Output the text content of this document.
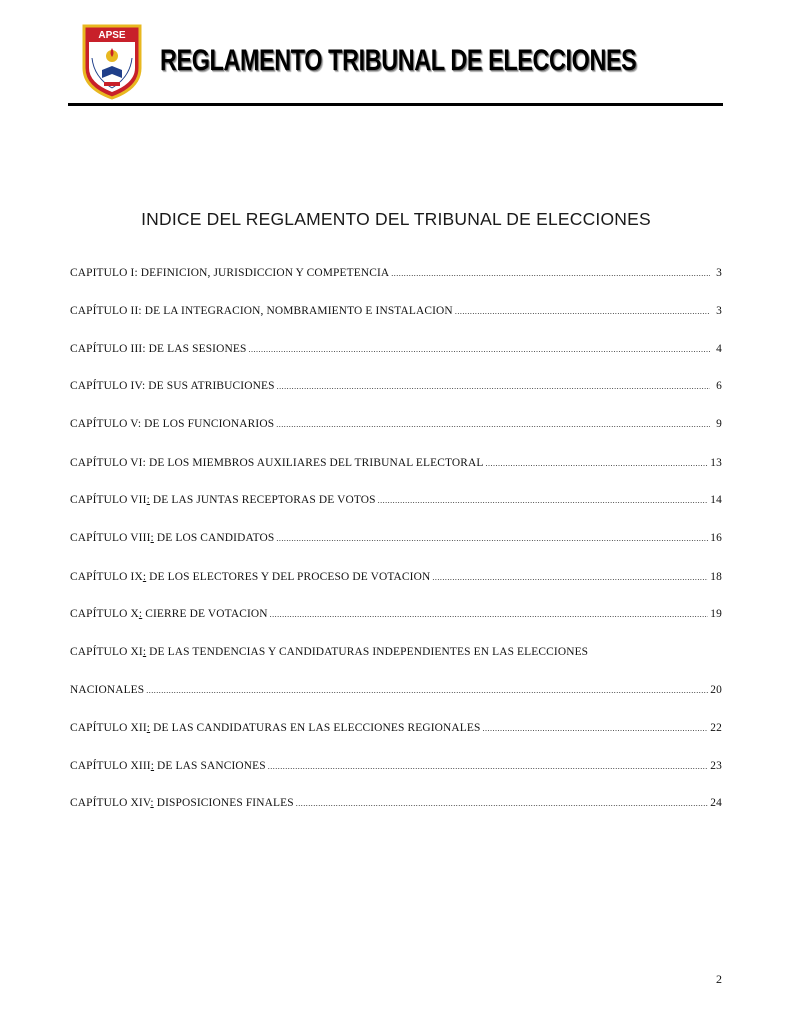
APSE
REGLAMENTO TRIBUNAL DE ELECCIONES
INDICE DEL REGLAMENTO DEL TRIBUNAL DE ELECCIONES
CAPITULO I: DEFINICION, JURISDICCION Y COMPETENCIA .....	3
CAPÍTULO II: DE LA INTEGRACION, NOMBRAMIENTO E INSTALACION .....	3
CAPÍTULO III: DE LAS SESIONES .....	4
CAPÍTULO IV: DE SUS ATRIBUCIONES .....	6
CAPÍTULO V: DE LOS FUNCIONARIOS .....	9
CAPÍTULO VI: DE LOS MIEMBROS AUXILIARES DEL TRIBUNAL ELECTORAL .....	13
CAPÍTULO VII: DE LAS JUNTAS RECEPTORAS DE VOTOS .....	14
CAPÍTULO VIII: DE LOS CANDIDATOS .....	16
CAPÍTULO IX: DE LOS ELECTORES Y DEL PROCESO DE VOTACION .....	18
CAPÍTULO X: CIERRE DE VOTACION .....	19
CAPÍTULO XI: DE LAS TENDENCIAS Y CANDIDATURAS INDEPENDIENTES EN LAS ELECCIONES
NACIONALES .....	20
CAPÍTULO XII: DE LAS CANDIDATURAS EN LAS ELECCIONES REGIONALES .....	22
CAPÍTULO XIII: DE LAS SANCIONES .....	23
CAPÍTULO XIV: DISPOSICIONES FINALES .....	24
2
